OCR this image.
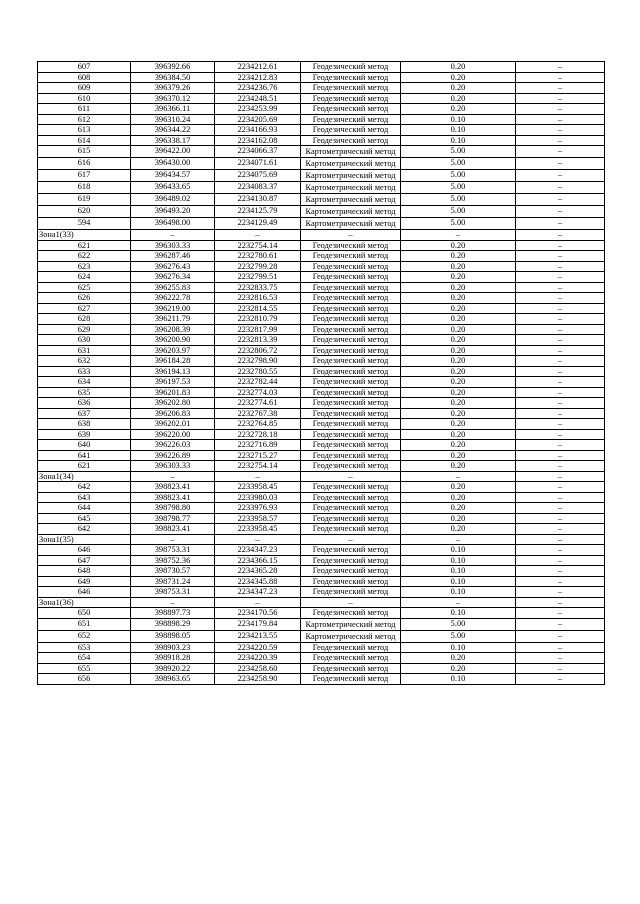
607	396392.66	2234212.61	Геодезический метод	0.20	–
608	396384.50	2234212.83	Геодезический метод	0.20	–
609	396379.26	2234236.76	Геодезический метод	0.20	–
610	396370.12	2234248.51	Геодезический метод	0.20	–
611	396366.11	2234253.99	Геодезический метод	0.20	–
612	396310.24	2234205.69	Геодезический метод	0.10	–
613	396344.22	2234166.93	Геодезический метод	0.10	–
614	396338.17	2234162.08	Геодезический метод	0.10	–
615	396422.00	2234066.37	Картометрический метод	5.00	–
616	396430.00	2234071.61	Картометрический метод	5.00	–
617	396434.57	2234075.69	Картометрический метод	5.00	–
618	396433.65	2234083.37	Картометрический метод	5.00	–
619	396489.02	2234130.87	Картометрический метод	5.00	–
620	396493.20	2234125.79	Картометрический метод	5.00	–
594	396498.00	2234129.49	Картометрический метод	5.00	–
Зона1(33)	–	–	–	–	–
621	396303.33	2232754.14	Геодезический метод	0.20	–
622	396287.46	2232780.61	Геодезический метод	0.20	–
623	396276.43	2232799.28	Геодезический метод	0.20	–
624	396276.34	2232799.51	Геодезический метод	0.20	–
625	396255.83	2232833.75	Геодезический метод	0.20	–
626	396222.78	2232816.53	Геодезический метод	0.20	–
627	396219.00	2232814.55	Геодезический метод	0.20	–
628	396211.79	2232810.79	Геодезический метод	0.20	–
629	396208.39	2232817.99	Геодезический метод	0.20	–
630	396200.90	2232813.39	Геодезический метод	0.20	–
631	396203.97	2232806.72	Геодезический метод	0.20	–
632	396184.28	2232798.90	Геодезический метод	0.20	–
633	396194.13	2232780.55	Геодезический метод	0.20	–
634	396197.53	2232782.44	Геодезический метод	0.20	–
635	396201.83	2232774.03	Геодезический метод	0.20	–
636	396202.80	2232774.61	Геодезический метод	0.20	–
637	396206.83	2232767.38	Геодезический метод	0.20	–
638	396202.01	2232764.85	Геодезический метод	0.20	–
639	396220.00	2232728.18	Геодезический метод	0.20	–
640	396226.03	2232716.89	Геодезический метод	0.20	–
641	396226.89	2232715.27	Геодезический метод	0.20	–
621	396303.33	2232754.14	Геодезический метод	0.20	–
Зона1(34)	–	–	–	–	–
642	398823.41	2233958.45	Геодезический метод	0.20	–
643	398823.41	2233980.03	Геодезический метод	0.20	–
644	398798.80	2233976.93	Геодезический метод	0.20	–
645	398798.77	2233958.57	Геодезический метод	0.20	–
642	398823.41	2233958.45	Геодезический метод	0.20	–
Зона1(35)	–	–	–	–	–
646	398753.31	2234347.23	Геодезический метод	0.10	–
647	398752.36	2234366.15	Геодезический метод	0.10	–
648	398730.57	2234365.28	Геодезический метод	0.10	–
649	398731.24	2234345.88	Геодезический метод	0.10	–
646	398753.31	2234347.23	Геодезический метод	0.10	–
Зона1(36)	–	–	–	–	–
650	398897.73	2234170.56	Геодезический метод	0.10	–
651	398898.29	2234179.84	Картометрический метод	5.00	–
652	398898.05	2234213.55	Картометрический метод	5.00	–
653	398903.23	2234220.59	Геодезический метод	0.10	–
654	398918.28	2234220.39	Геодезический метод	0.20	–
655	398920.22	2234258.60	Геодезический метод	0.20	–
656	398963.65	2234258.90	Геодезический метод	0.10	–
